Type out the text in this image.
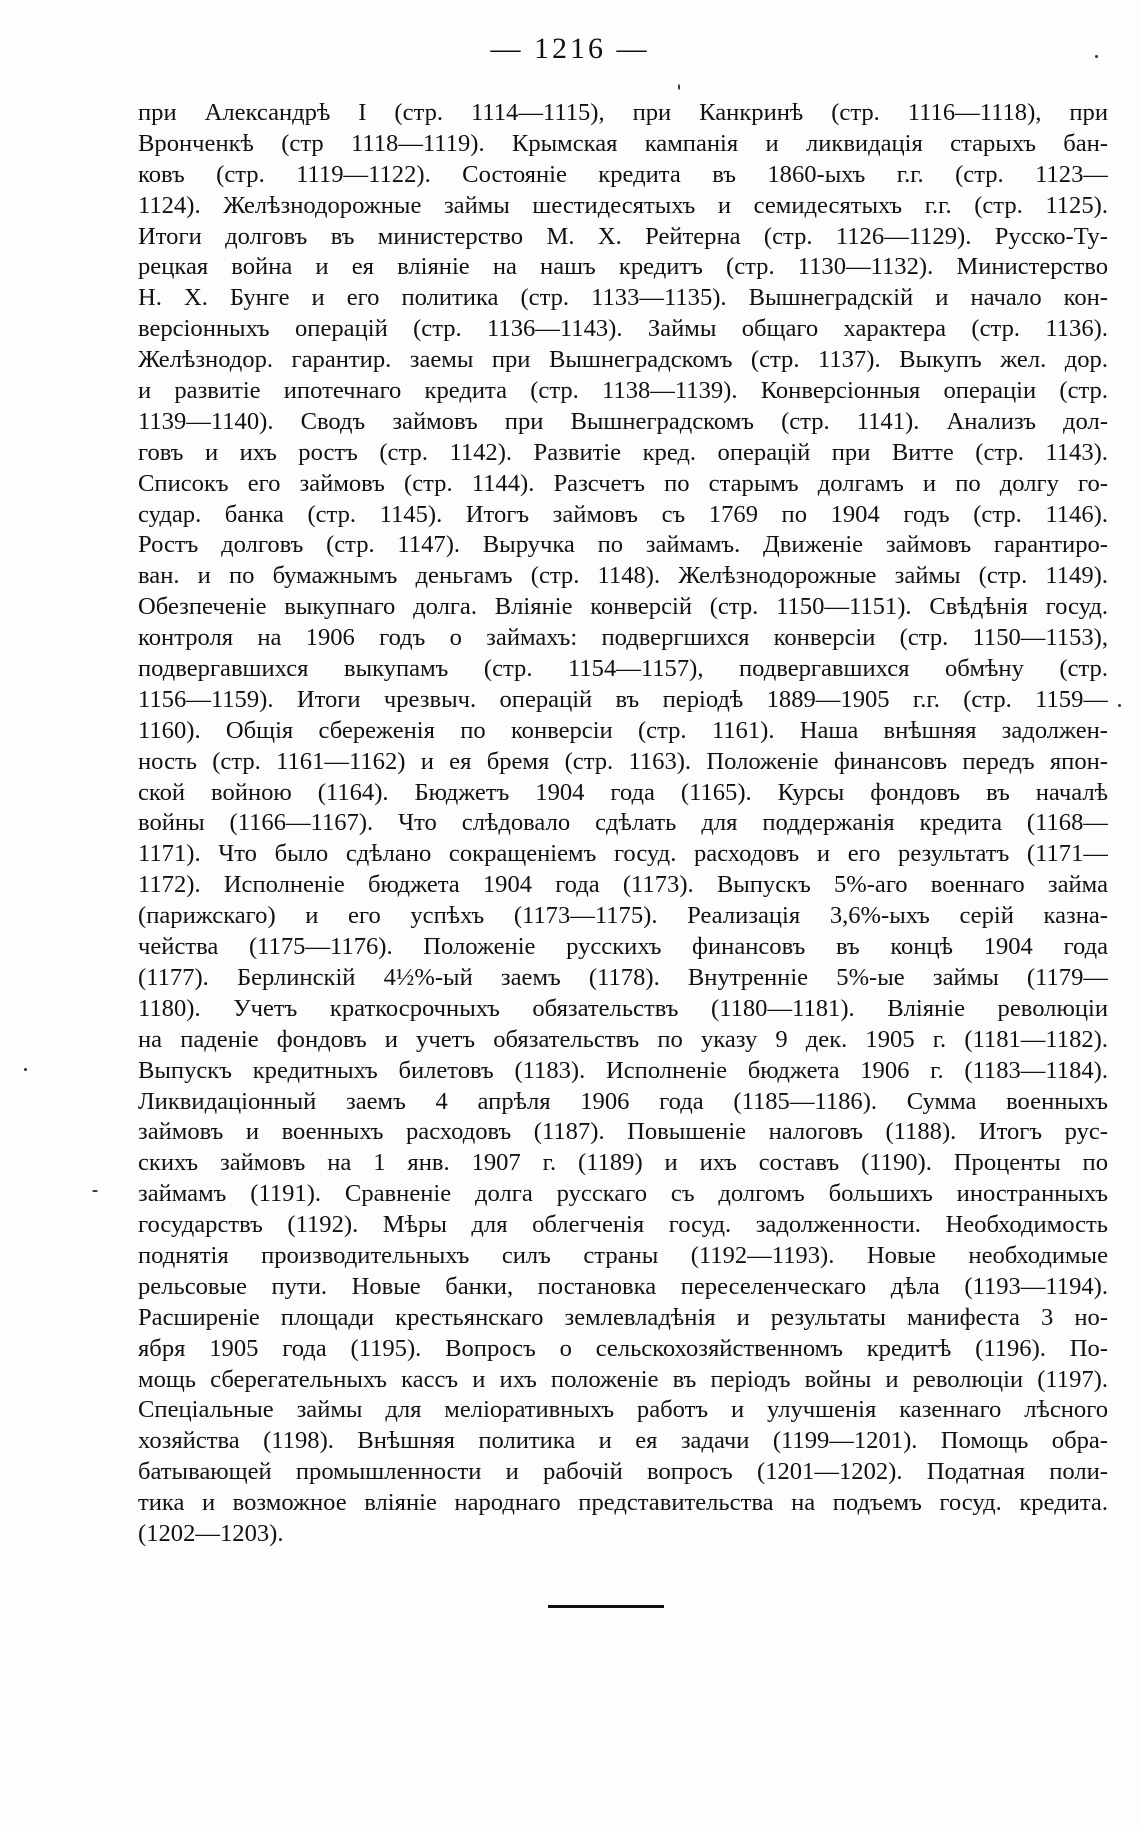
— 1216 —
при Александрѣ I (стр. 1114—1115), при Канкринѣ (стр. 1116—1118), при
Вронченкѣ (стр 1118—1119). Крымская кампанія и ликвидація старыхъ бан-
ковъ (стр. 1119—1122). Состояніе кредита въ 1860-ыхъ г.г. (стр. 1123—
1124). Желѣзнодорожные займы шестидесятыхъ и семидесятыхъ г.г. (стр. 1125).
Итоги долговъ въ министерство М. Х. Рейтерна (стр. 1126—1129). Русско-Ту-
рецкая война и ея вліяніе на нашъ кредитъ (стр. 1130—1132). Министерство
Н. Х. Бунге и его политика (стр. 1133—1135). Вышнеградскій и начало кон-
версіонныхъ операцій (стр. 1136—1143). Займы общаго характера (стр. 1136).
Желѣзнодор. гарантир. заемы при Вышнеградскомъ (стр. 1137). Выкупъ жел. дор.
и развитіе ипотечнаго кредита (стр. 1138—1139). Конверсіонныя операціи (стр.
1139—1140). Сводъ займовъ при Вышнеградскомъ (стр. 1141). Анализъ дол-
говъ и ихъ ростъ (стр. 1142). Развитіе кред. операцій при Витте (стр. 1143).
Списокъ его займовъ (стр. 1144). Разсчетъ по старымъ долгамъ и по долгу го-
судар. банка (стр. 1145). Итогъ займовъ съ 1769 по 1904 годъ (стр. 1146).
Ростъ долговъ (стр. 1147). Выручка по займамъ. Движеніе займовъ гарантиро-
ван. и по бумажнымъ деньгамъ (стр. 1148). Желѣзнодорожные займы (стр. 1149).
Обезпеченіе выкупнаго долга. Вліяніе конверсій (стр. 1150—1151). Свѣдѣнія госуд.
контроля на 1906 годъ о займахъ: подвергшихся конверсіи (стр. 1150—1153),
подвергавшихся выкупамъ (стр. 1154—1157), подвергавшихся обмѣну (стр.
1156—1159). Итоги чрезвыч. операцій въ періодѣ 1889—1905 г.г. (стр. 1159—
1160). Общія сбереженія по конверсіи (стр. 1161). Наша внѣшняя задолжен-
ность (стр. 1161—1162) и ея бремя (стр. 1163). Положеніе финансовъ передъ япон-
ской войною (1164). Бюджетъ 1904 года (1165). Курсы фондовъ въ началѣ
войны (1166—1167). Что слѣдовало сдѣлать для поддержанія кредита (1168—
1171). Что было сдѣлано сокращеніемъ госуд. расходовъ и его результатъ (1171—
1172). Исполненіе бюджета 1904 года (1173). Выпускъ 5%-аго военнаго займа
(парижскаго) и его успѣхъ (1173—1175). Реализація 3,6%-ыхъ серій казна-
чейства (1175—1176). Положеніе русскихъ финансовъ въ концѣ 1904 года
(1177). Берлинскій 4½%-ый заемъ (1178). Внутренніе 5%-ые займы (1179—
1180). Учетъ краткосрочныхъ обязательствъ (1180—1181). Вліяніе революціи
на паденіе фондовъ и учетъ обязательствъ по указу 9 дек. 1905 г. (1181—1182).
Выпускъ кредитныхъ билетовъ (1183). Исполненіе бюджета 1906 г. (1183—1184).
Ликвидаціонный заемъ 4 апрѣля 1906 года (1185—1186). Сумма военныхъ
займовъ и военныхъ расходовъ (1187). Повышеніе налоговъ (1188). Итогъ рус-
скихъ займовъ на 1 янв. 1907 г. (1189) и ихъ составъ (1190). Проценты по
займамъ (1191). Сравненіе долга русскаго съ долгомъ большихъ иностранныхъ
государствъ (1192). Мѣры для облегченія госуд. задолженности. Необходимость
поднятія производительныхъ силъ страны (1192—1193). Новые необходимые
рельсовые пути. Новые банки, постановка переселенческаго дѣла (1193—1194).
Расширеніе площади крестьянскаго землевладѣнія и результаты манифеста 3 но-
ября 1905 года (1195). Вопросъ о сельскохозяйственномъ кредитѣ (1196). По-
мощь сберегательныхъ кассъ и ихъ положеніе въ періодъ войны и революціи (1197).
Спеціальные займы для меліоративныхъ работъ и улучшенія казеннаго лѣсного
хозяйства (1198). Внѣшняя политика и ея задачи (1199—1201). Помощь обра-
батывающей промышленности и рабочій вопросъ (1201—1202). Податная поли-
тика и возможное вліяніе народнаго представительства на подъемъ госуд. кредита.
(1202—1203).
